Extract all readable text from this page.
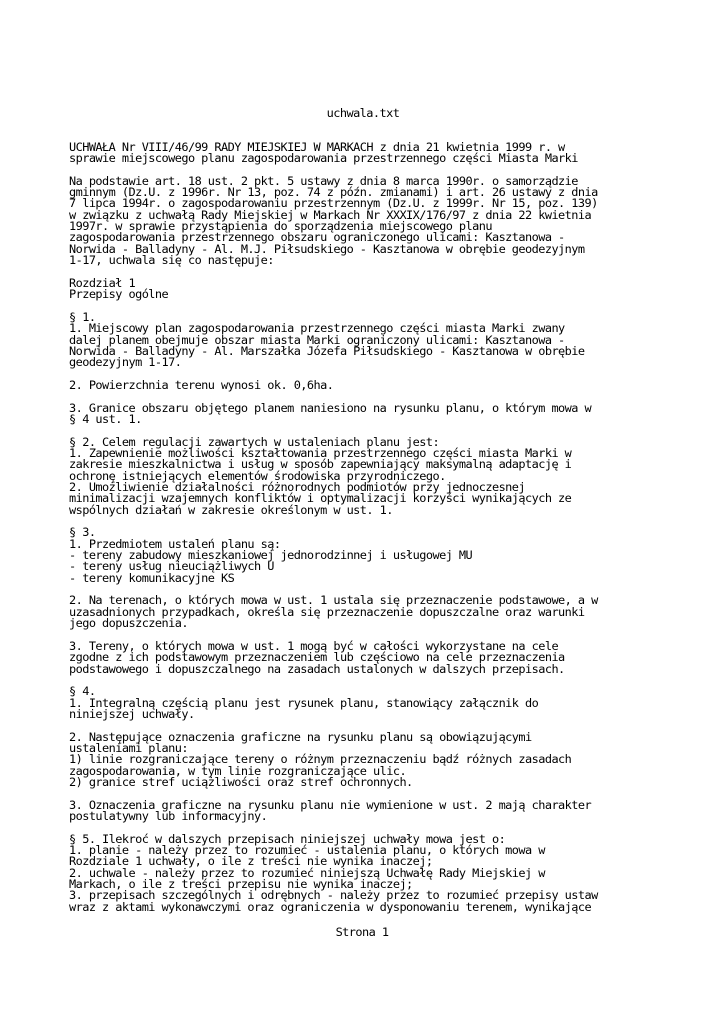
uchwala.txt

UCHWAŁA Nr VIII/46/99 RADY MIEJSKIEJ W MARKACH z dnia 21 kwietnia 1999 r. w
sprawie miejscowego planu zagospodarowania przestrzennego części Miasta Marki
Na podstawie art. 18 ust. 2 pkt. 5 ustawy z dnia 8 marca 1990r. o samorządzie
gminnym (Dz.U. z 1996r. Nr 13, poz. 74 z późn. zmianami) i art. 26 ustawy z dnia
7 lipca 1994r. o zagospodarowaniu przestrzennym (Dz.U. z 1999r. Nr 15, poz. 139)
w związku z uchwałą Rady Miejskiej w Markach Nr XXXIX/176/97 z dnia 22 kwietnia
1997r. w sprawie przystąpienia do sporządzenia miejscowego planu
zagospodarowania przestrzennego obszaru ograniczonego ulicami: Kasztanowa -
Norwida - Balladyny - Al. M.J. Piłsudskiego - Kasztanowa w obrębie geodezyjnym
1-17, uchwala się co następuje:
Rozdział 1
Przepisy ogólne
§ 1.
1. Miejscowy plan zagospodarowania przestrzennego części miasta Marki zwany
dalej planem obejmuje obszar miasta Marki ograniczony ulicami: Kasztanowa -
Norwida - Balladyny - Al. Marszałka Józefa Piłsudskiego - Kasztanowa w obrębie
geodezyjnym 1-17.
2. Powierzchnia terenu wynosi ok. 0,6ha.
3. Granice obszaru objętego planem naniesiono na rysunku planu, o którym mowa w
§ 4 ust. 1.
§ 2. Celem regulacji zawartych w ustaleniach planu jest:
1. Zapewnienie możliwości kształtowania przestrzennego części miasta Marki w
zakresie mieszkalnictwa i usług w sposób zapewniający maksymalną adaptację i
ochronę istniejących elementów środowiska przyrodniczego.
2. Umożliwienie działalności różnorodnych podmiotów przy jednoczesnej
minimalizacji wzajemnych konfliktów i optymalizacji korzyści wynikających ze
wspólnych działań w zakresie określonym w ust. 1.
§ 3.
1. Przedmiotem ustaleń planu są:
- tereny zabudowy mieszkaniowej jednorodzinnej i usługowej MU
- tereny usług nieuciążliwych U
- tereny komunikacyjne KS
2. Na terenach, o których mowa w ust. 1 ustala się przeznaczenie podstawowe, a w
uzasadnionych przypadkach, określa się przeznaczenie dopuszczalne oraz warunki
jego dopuszczenia.
3. Tereny, o których mowa w ust. 1 mogą być w całości wykorzystane na cele
zgodne z ich podstawowym przeznaczeniem lub częściowo na cele przeznaczenia
podstawowego i dopuszczalnego na zasadach ustalonych w dalszych przepisach.
§ 4.
1. Integralną częścią planu jest rysunek planu, stanowiący załącznik do
niniejszej uchwały.
2. Następujące oznaczenia graficzne na rysunku planu są obowiązującymi
ustaleniami planu:
1) linie rozgraniczające tereny o różnym przeznaczeniu bądź różnych zasadach
zagospodarowania, w tym linie rozgraniczające ulic.
2) granice stref uciążliwości oraz stref ochronnych.
3. Oznaczenia graficzne na rysunku planu nie wymienione w ust. 2 mają charakter
postulatywny lub informacyjny.
§ 5. Ilekroć w dalszych przepisach niniejszej uchwały mowa jest o:
1. planie - należy przez to rozumieć - ustalenia planu, o których mowa w
Rozdziale 1 uchwały, o ile z treści nie wynika inaczej;
2. uchwale - należy przez to rozumieć niniejszą Uchwałę Rady Miejskiej w
Markach, o ile z treści przepisu nie wynika inaczej;
3. przepisach szczególnych i odrębnych - należy przez to rozumieć przepisy ustaw
wraz z aktami wykonawczymi oraz ograniczenia w dysponowaniu terenem, wynikające
Strona 1
